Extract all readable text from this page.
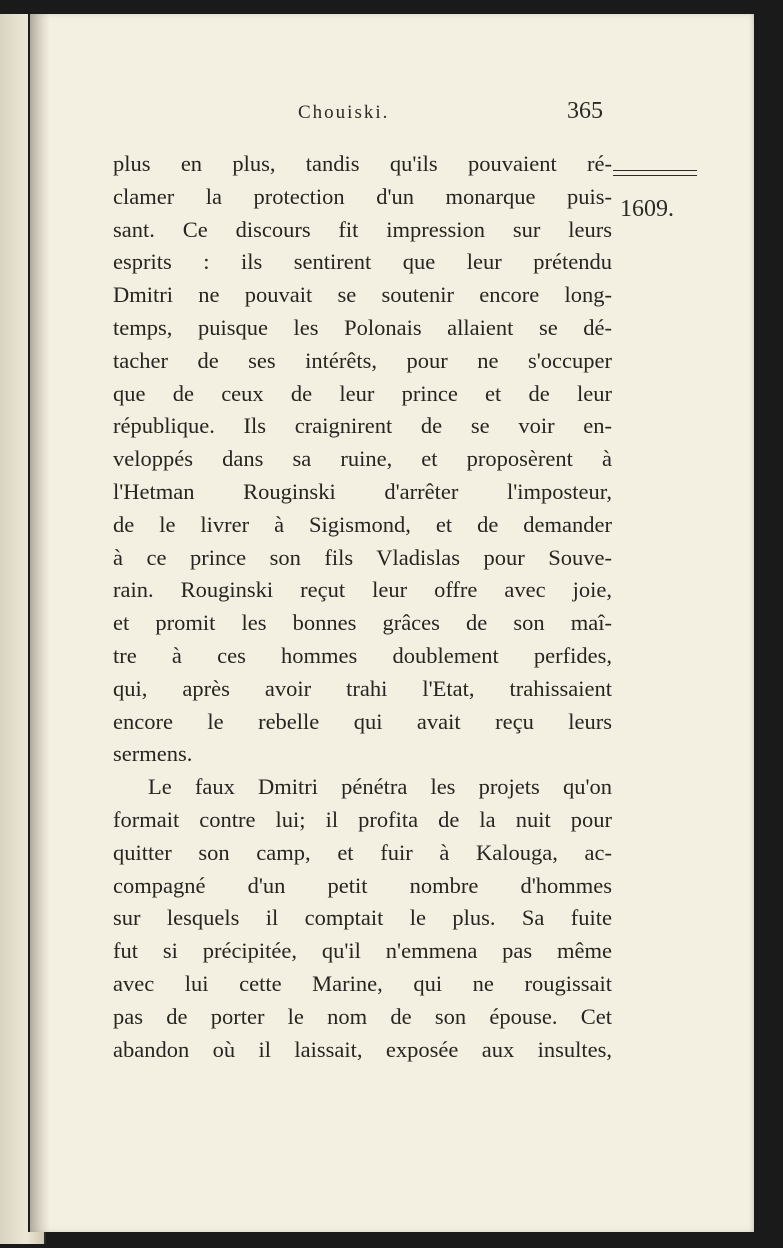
Chouiski.	365
1609.
plus en plus, tandis qu'ils pouvaient ré-
clamer la protection d'un monarque puis-
sant. Ce discours fit impression sur leurs
esprits : ils sentirent que leur prétendu
Dmitri ne pouvait se soutenir encore long-
temps, puisque les Polonais allaient se dé-
tacher de ses intérêts, pour ne s'occuper
que de ceux de leur prince et de leur
république. Ils craignirent de se voir en-
veloppés dans sa ruine, et proposèrent à
l'Hetman Rouginski d'arrêter l'imposteur,
de le livrer à Sigismond, et de demander
à ce prince son fils Vladislas pour Souve-
rain. Rouginski reçut leur offre avec joie,
et promit les bonnes grâces de son maî-
tre à ces hommes doublement perfides,
qui, après avoir trahi l'Etat, trahissaient
encore le rebelle qui avait reçu leurs
sermens.
Le faux Dmitri pénétra les projets qu'on
formait contre lui; il profita de la nuit pour
quitter son camp, et fuir à Kalouga, ac-
compagné d'un petit nombre d'hommes
sur lesquels il comptait le plus. Sa fuite
fut si précipitée, qu'il n'emmena pas même
avec lui cette Marine, qui ne rougissait
pas de porter le nom de son épouse. Cet
abandon où il laissait, exposée aux insultes,
